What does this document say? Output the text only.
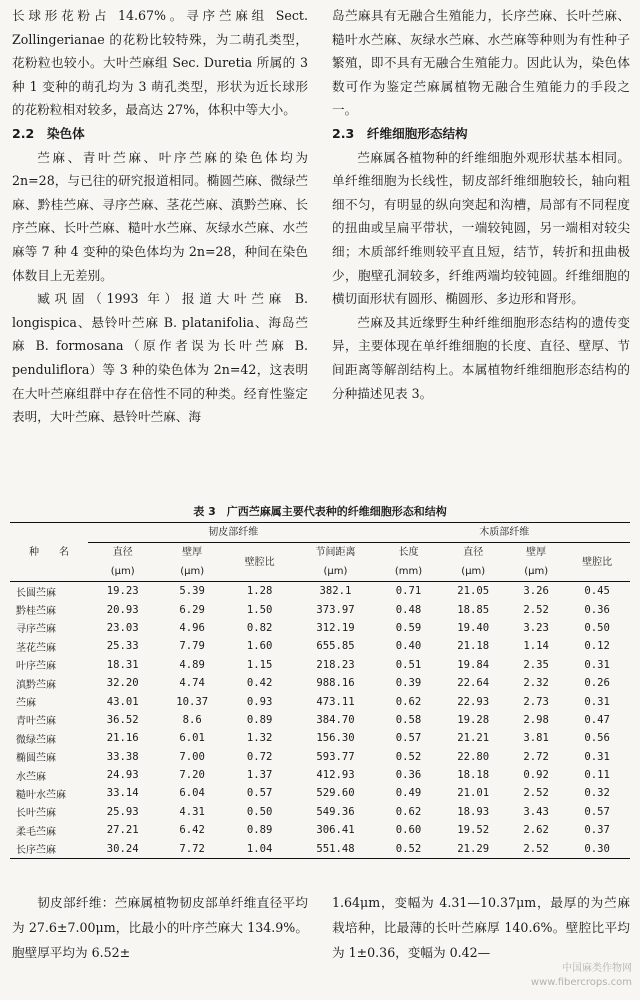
长球形花粉占 14.67%。寻序苎麻组 Sect. Zollingerianae 的花粉比较特殊，为二萌孔类型，花粉粒也较小。大叶苎麻组 Sec. Duretia 所属的 3 种 1 变种的萌孔均为 3 萌孔类型，形状为近长球形的花粉粒相对较多，最高达 27%，体积中等大小。

2.2　染色体

苎麻、青叶苎麻、叶序苎麻的染色体均为 2n=28，与已往的研究报道相同。椭圆苎麻、微绿苎麻、黔桂苎麻、寻序苎麻、茎花苎麻、滇黔苎麻、长序苎麻、长叶苎麻、糙叶水苎麻、灰绿水苎麻、水苎麻等 7 种 4 变种的染色体均为 2n=28，种间在染色体数目上无差别。

臧巩固（1993 年）报道大叶苎麻 B. longispica、悬铃叶苎麻 B. platanifolia、海岛苎麻 B. formosana（原作者误为长叶苎麻 B. penduliflora）等 3 种的染色体为 2n=42，这表明在大叶苎麻组群中存在倍性不同的种类。经育性鉴定表明，大叶苎麻、悬铃叶苎麻、海

岛苎麻具有无融合生殖能力，长序苎麻、长叶苎麻、糙叶水苎麻、灰绿水苎麻、水苎麻等种则为有性种子繁殖，即不具有无融合生殖能力。因此认为，染色体数可作为鉴定苎麻属植物无融合生殖能力的手段之一。

2.3　纤维细胞形态结构

苎麻属各植物种的纤维细胞外观形状基本相同。单纤维细胞为长线性，韧皮部纤维细胞较长，轴向粗细不匀，有明显的纵向突起和沟槽，局部有不同程度的扭曲或呈扁平带状，一端较钝圆，另一端相对较尖细；木质部纤维则较平直且短，结节，转折和扭曲极少，胞壁孔洞较多，纤维两端均较钝圆。纤维细胞的横切面形状有圆形、椭圆形、多边形和肾形。

苎麻及其近缘野生种纤维细胞形态结构的遗传变异，主要体现在单纤维细胞的长度、直径、壁厚、节间距离等解剖结构上。本属植物纤维细胞形态结构的分种描述见表 3。

表 3　广西苎麻属主要代表种的纤维细胞形态和结构
种　　名	韧皮部纤维				木质部纤维			
	直径	壁厚	壁腔比	节间距离	长度	直径	壁厚	壁腔比
	(μm)	(μm)		(μm)	(mm)	(μm)	(μm)	
长圆苎麻	19.23	5.39	1.28	382.1	0.71	21.05	3.26	0.45
黔桂苎麻	20.93	6.29	1.50	373.97	0.48	18.85	2.52	0.36
寻序苎麻	23.03	4.96	0.82	312.19	0.59	19.40	3.23	0.50
茎花苎麻	25.33	7.79	1.60	655.85	0.40	21.18	1.14	0.12
叶序苎麻	18.31	4.89	1.15	218.23	0.51	19.84	2.35	0.31
滇黔苎麻	32.20	4.74	0.42	988.16	0.39	22.64	2.32	0.26
苎麻	43.01	10.37	0.93	473.11	0.62	22.93	2.73	0.31
青叶苎麻	36.52	8.6	0.89	384.70	0.58	19.28	2.98	0.47
微绿苎麻	21.16	6.01	1.32	156.30	0.57	21.21	3.81	0.56
椭圆苎麻	33.38	7.00	0.72	593.77	0.52	22.80	2.72	0.31
水苎麻	24.93	7.20	1.37	412.93	0.36	18.18	0.92	0.11
糙叶水苎麻	33.14	6.04	0.57	529.60	0.49	21.01	2.52	0.32
长叶苎麻	25.93	4.31	0.50	549.36	0.62	18.93	3.43	0.57
柔毛苎麻	27.21	6.42	0.89	306.41	0.60	19.52	2.62	0.37
长序苎麻	30.24	7.72	1.04	551.48	0.52	21.29	2.52	0.30

韧皮部纤维：苎麻属植物韧皮部单纤维直径平均为 27.6±7.00μm，比最小的叶序苎麻大 134.9%。胞壁厚平均为 6.52±

1.64μm，变幅为 4.31—10.37μm，最厚的为苎麻栽培种，比最薄的长叶苎麻厚 140.6%。壁腔比平均为 1±0.36，变幅为 0.42—

中国麻类作物网
www.fibercrops.com
